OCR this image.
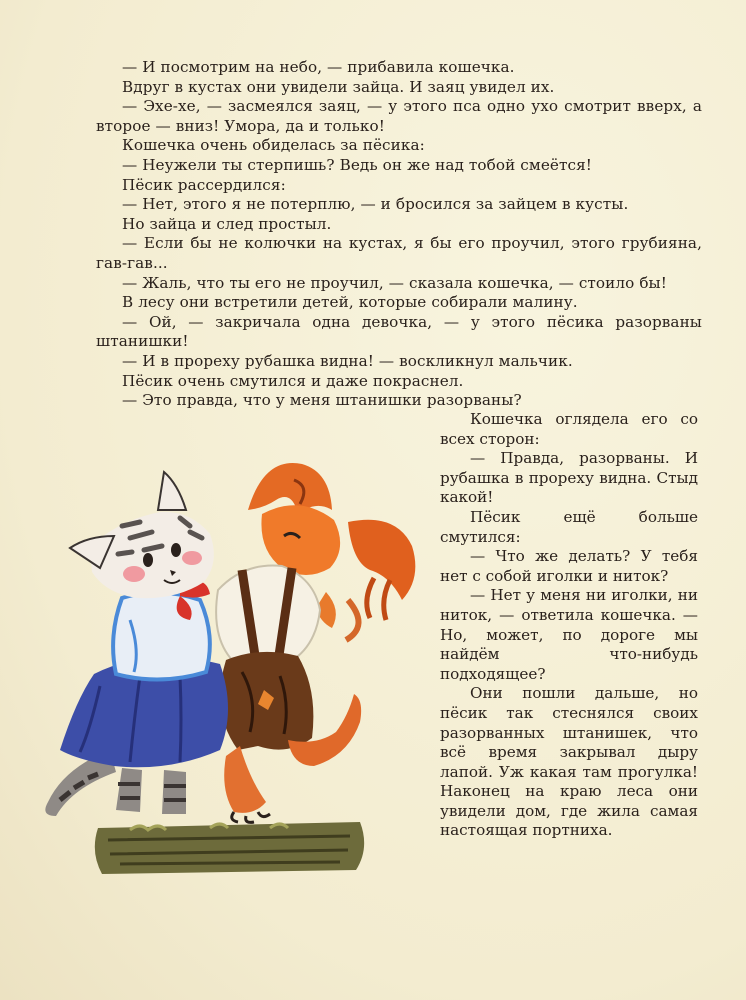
— И посмотрим на небо, — прибавила кошечка.

Вдруг в кустах они увидели зайца. И заяц увидел их.

— Эхе-хе, — засмеялся заяц, — у этого пса одно ухо смотрит вверх, а второе — вниз! Умора, да и только!

Кошечка очень обиделась за пёсика:

— Неужели ты стерпишь? Ведь он же над тобой смеётся!

Пёсик рассердился:

— Нет, этого я не потерплю, — и бросился за зайцем в кусты.

Но зайца и след простыл.

— Если бы не колючки на кустах, я бы его проучил, этого грубияна, гав-гав...

— Жаль, что ты его не проучил, — сказала кошечка, — стоило бы!

В лесу они встретили детей, которые собирали малину.

— Ой, — закричала одна девочка, — у этого пёсика разорваны штанишки!

— И в прореху рубашка видна! — воскликнул мальчик.

Пёсик очень смутился и даже покраснел.

— Это правда, что у меня штанишки разорваны?

Кошечка оглядела его со всех сторон:

— Правда, разорваны. И рубашка в прореху видна. Стыд какой!

Пёсик ещё больше смутился:

— Что же делать? У тебя нет с собой иголки и ниток?

— Нет у меня ни иголки, ни ниток, — ответила кошечка. — Но, может, по дороге мы найдём что-нибудь подходящее?

Они пошли дальше, но пёсик так стеснялся своих разорванных штанишек, что всё время закрывал дыру лапой. Уж какая там прогулка! Наконец на краю леса они увидели дом, где жила самая настоящая портниха.
